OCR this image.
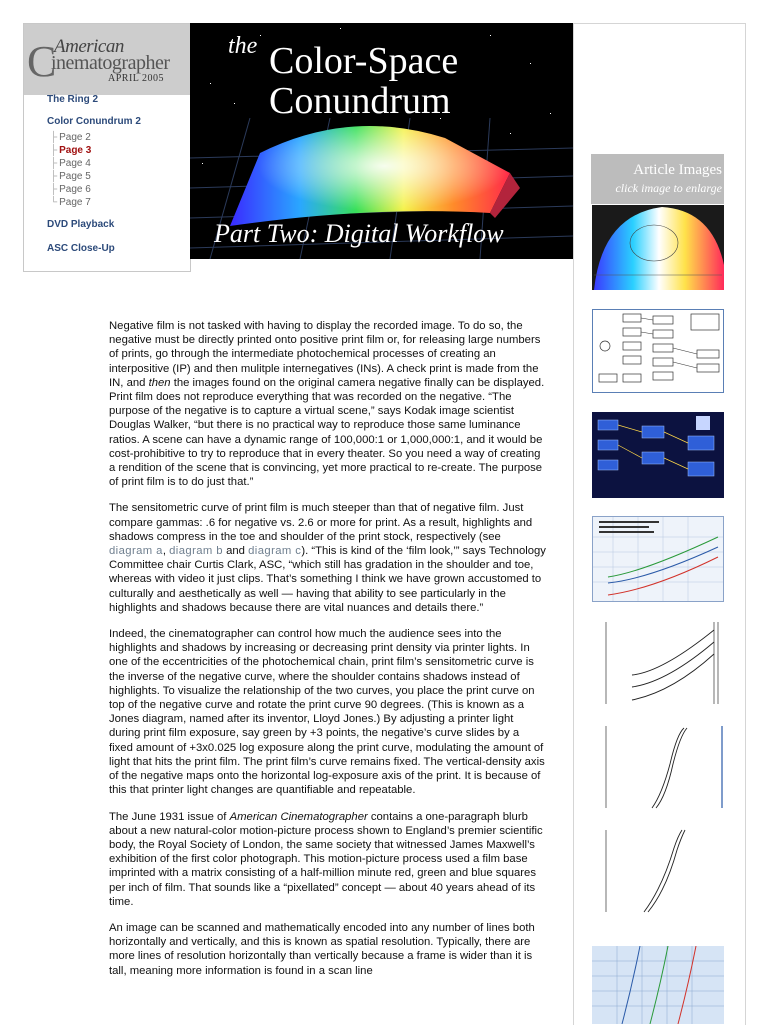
C
American
inematographer
APRIL 2005
The Ring 2
Color Conundrum 2
├ Page 2
├ Page 3
├ Page 4
├ Page 5
├ Page 6
└ Page 7
DVD Playback
ASC Close-Up
the Color-Space
Conundrum
Part Two: Digital Workflow
Article Images
click image to enlarge

Negative film is not tasked with having to display the recorded image. To do so, the negative must be directly printed onto positive print film or, for releasing large numbers of prints, go through the intermediate photochemical processes of creating an interpositive (IP) and then mulitple internegatives (INs). A check print is made from the IN, and then the images found on the original camera negative finally can be displayed. Print film does not reproduce everything that was recorded on the negative. “The purpose of the negative is to capture a virtual scene,” says Kodak image scientist Douglas Walker, “but there is no practical way to reproduce those same luminance ratios. A scene can have a dynamic range of 100,000:1 or 1,000,000:1, and it would be cost-prohibitive to try to reproduce that in every theater. So you need a way of creating a rendition of the scene that is convincing, yet more practical to re-create. The purpose of print film is to do just that.”

The sensitometric curve of print film is much steeper than that of negative film. Just compare gammas: .6 for negative vs. 2.6 or more for print. As a result, highlights and shadows compress in the toe and shoulder of the print stock, respectively (see diagram a, diagram b and diagram c). “This is kind of the ‘film look,’” says Technology Committee chair Curtis Clark, ASC, “which still has gradation in the shoulder and toe, whereas with video it just clips. That’s something I think we have grown accustomed to culturally and aesthetically as well — having that ability to see particularly in the highlights and shadows because there are vital nuances and details there.”

Indeed, the cinematographer can control how much the audience sees into the highlights and shadows by increasing or decreasing print density via printer lights. In one of the eccentricities of the photochemical chain, print film’s sensitometric curve is the inverse of the negative curve, where the shoulder contains shadows instead of highlights. To visualize the relationship of the two curves, you place the print curve on top of the negative curve and rotate the print curve 90 degrees. (This is known as a Jones diagram, named after its inventor, Lloyd Jones.) By adjusting a printer light during print film exposure, say green by +3 points, the negative’s curve slides by a fixed amount of +3x0.025 log exposure along the print curve, modulating the amount of light that hits the print film. The print film’s curve remains fixed. The vertical-density axis of the negative maps onto the horizontal log-exposure axis of the print. It is because of this that printer light changes are quantifiable and repeatable.

The June 1931 issue of American Cinematographer contains a one-paragraph blurb about a new natural-color motion-picture process shown to England’s premier scientific body, the Royal Society of London, the same society that witnessed James Maxwell’s exhibition of the first color photograph. This motion-picture process used a film base imprinted with a matrix consisting of a half-million minute red, green and blue squares per inch of film. That sounds like a “pixellated” concept — about 40 years ahead of its time.

An image can be scanned and mathematically encoded into any number of lines both horizontally and vertically, and this is known as spatial resolution. Typically, there are more lines of resolution horizontally than vertically because a frame is wider than it is tall, meaning more information is found in a scan line
